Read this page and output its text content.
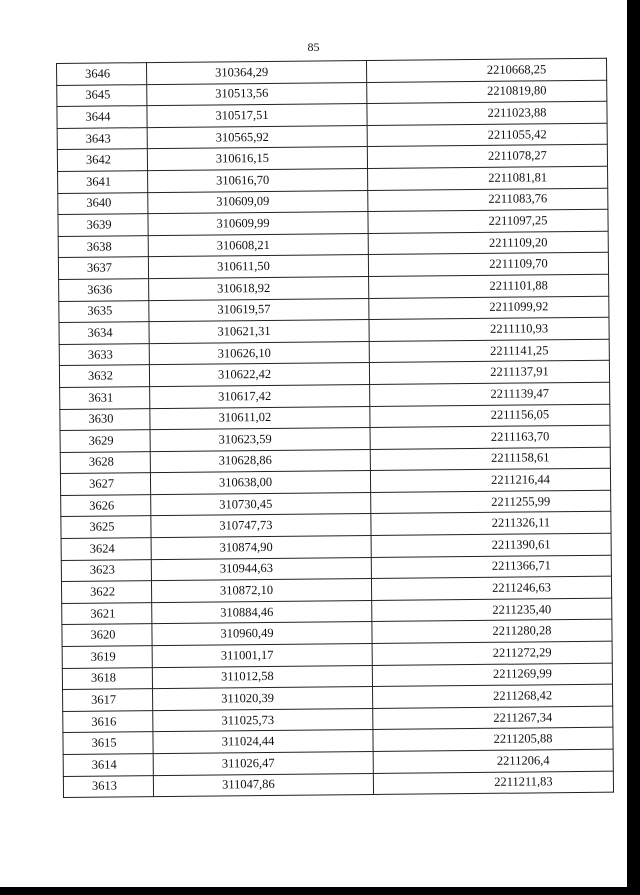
85
3646	310364,29	2210668,25
3645	310513,56	2210819,80
3644	310517,51	2211023,88
3643	310565,92	2211055,42
3642	310616,15	2211078,27
3641	310616,70	2211081,81
3640	310609,09	2211083,76
3639	310609,99	2211097,25
3638	310608,21	2211109,20
3637	310611,50	2211109,70
3636	310618,92	2211101,88
3635	310619,57	2211099,92
3634	310621,31	2211110,93
3633	310626,10	2211141,25
3632	310622,42	2211137,91
3631	310617,42	2211139,47
3630	310611,02	2211156,05
3629	310623,59	2211163,70
3628	310628,86	2211158,61
3627	310638,00	2211216,44
3626	310730,45	2211255,99
3625	310747,73	2211326,11
3624	310874,90	2211390,61
3623	310944,63	2211366,71
3622	310872,10	2211246,63
3621	310884,46	2211235,40
3620	310960,49	2211280,28
3619	311001,17	2211272,29
3618	311012,58	2211269,99
3617	311020,39	2211268,42
3616	311025,73	2211267,34
3615	311024,44	2211205,88
3614	311026,47	2211206,4
3613	311047,86	2211211,83
